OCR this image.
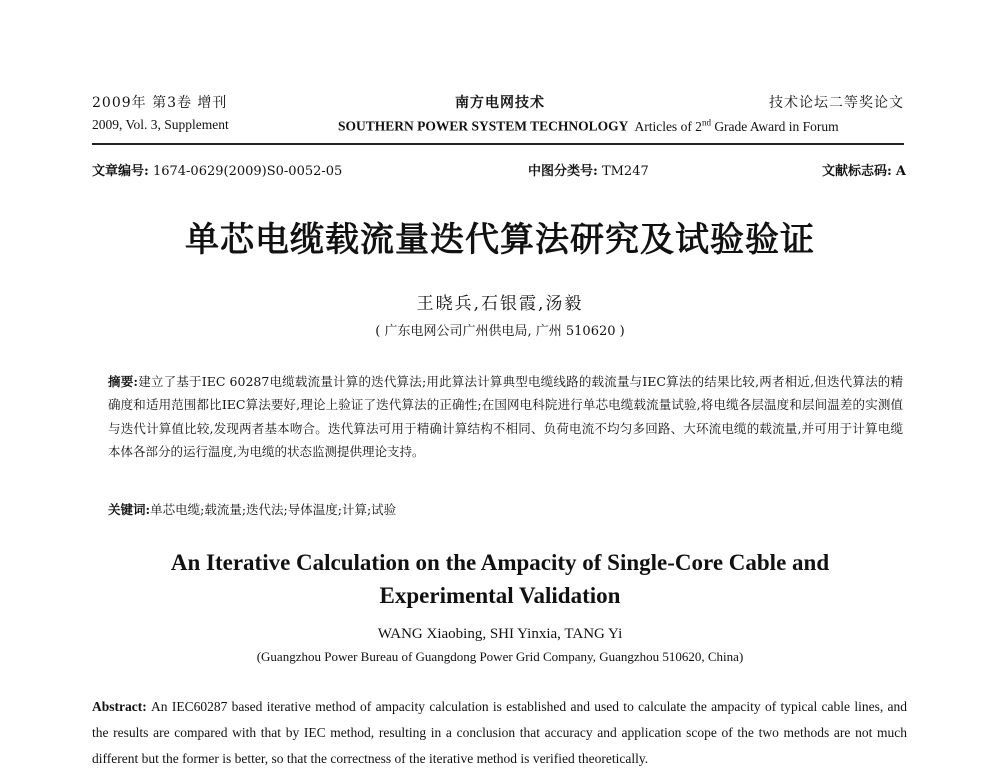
2009年 第3卷 增刊	南方电网技术	技术论坛二等奖论文
2009, Vol. 3, Supplement	SOUTHERN POWER SYSTEM TECHNOLOGY Articles of 2nd Grade Award in Forum
文章编号: 1674-0629(2009)S0-0052-05	中图分类号: TM247	文献标志码: A
单芯电缆载流量迭代算法研究及试验验证
王晓兵,石银霞,汤毅
( 广东电网公司广州供电局, 广州 510620 )
摘要:建立了基于IEC 60287电缆载流量计算的迭代算法;用此算法计算典型电缆线路的载流量与IEC算法的结果比较,两者相近,但迭代算法的精确度和适用范围都比IEC算法要好,理论上验证了迭代算法的正确性;在国网电科院进行单芯电缆载流量试验,将电缆各层温度和层间温差的实测值与迭代计算值比较,发现两者基本吻合。迭代算法可用于精确计算结构不相同、负荷电流不均匀多回路、大环流电缆的载流量,并可用于计算电缆本体各部分的运行温度,为电缆的状态监测提供理论支持。
关键词:单芯电缆;载流量;迭代法;导体温度;计算;试验
An Iterative Calculation on the Ampacity of Single-Core Cable and Experimental Validation
WANG Xiaobing, SHI Yinxia, TANG Yi
(Guangzhou Power Bureau of Guangdong Power Grid Company, Guangzhou 510620, China)
Abstract: An IEC60287 based iterative method of ampacity calculation is established and used to calculate the ampacity of typical cable lines, and the results are compared with that by IEC method, resulting in a conclusion that accuracy and application scope of the two methods are not much different but the former is better, so that the correctness of the iterative method is verified theoretically.
